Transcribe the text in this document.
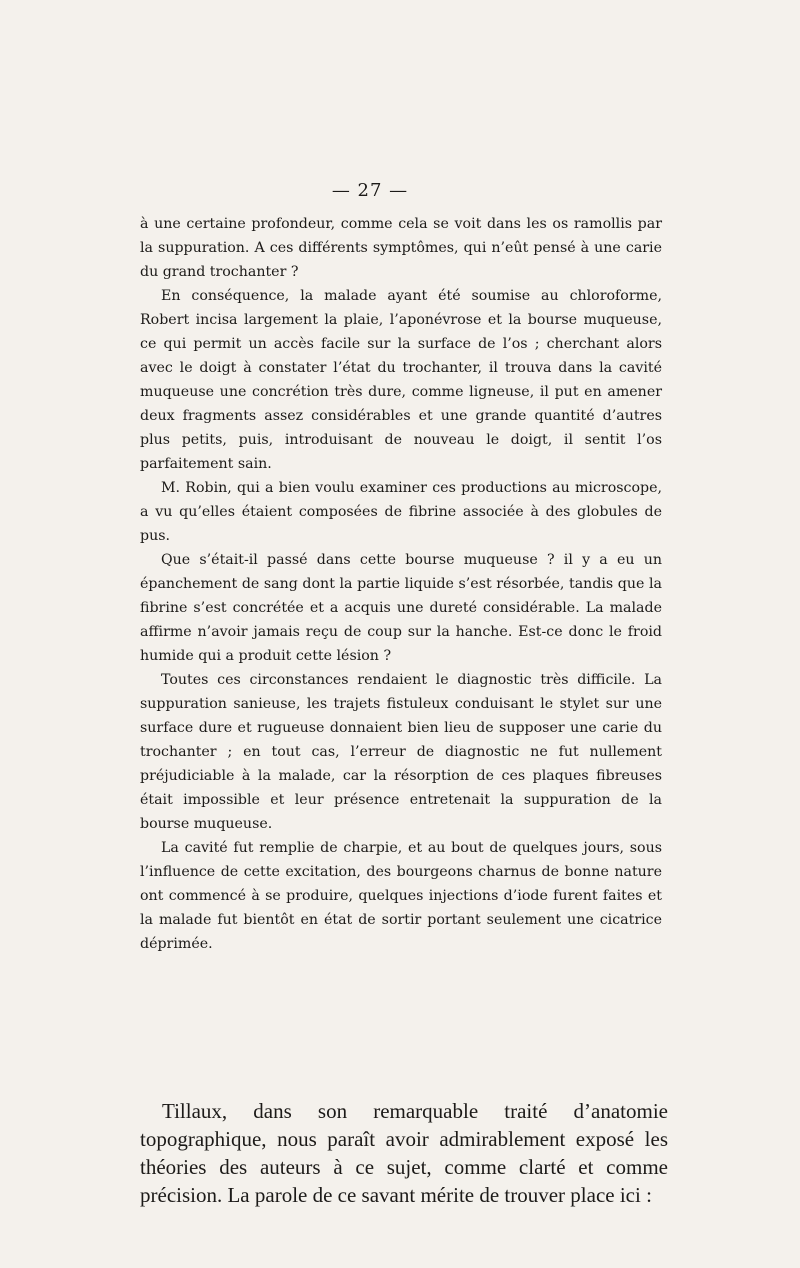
— 27 —

à une certaine profondeur, comme cela se voit dans les os ramollis par la suppuration. A ces différents symptômes, qui n’eût pensé à une carie du grand trochanter ?

En conséquence, la malade ayant été soumise au chloroforme, Robert incisa largement la plaie, l’aponévrose et la bourse muqueuse, ce qui permit un accès facile sur la surface de l’os ; cherchant alors avec le doigt à constater l’état du trochanter, il trouva dans la cavité muqueuse une concrétion très dure, comme ligneuse, il put en amener deux fragments assez considérables et une grande quantité d’autres plus petits, puis, introduisant de nouveau le doigt, il sentit l’os parfaitement sain.

M. Robin, qui a bien voulu examiner ces productions au microscope, a vu qu’elles étaient composées de fibrine associée à des globules de pus.

Que s’était-il passé dans cette bourse muqueuse ? il y a eu un épanchement de sang dont la partie liquide s’est résorbée, tandis que la fibrine s’est concrétée et a acquis une dureté considérable. La malade affirme n’avoir jamais reçu de coup sur la hanche. Est-ce donc le froid humide qui a produit cette lésion ?

Toutes ces circonstances rendaient le diagnostic très difficile. La suppuration sanieuse, les trajets fistuleux conduisant le stylet sur une surface dure et rugueuse donnaient bien lieu de supposer une carie du trochanter ; en tout cas, l’erreur de diagnostic ne fut nullement préjudiciable à la malade, car la résorption de ces plaques fibreuses était impossible et leur présence entretenait la suppuration de la bourse muqueuse.

La cavité fut remplie de charpie, et au bout de quelques jours, sous l’influence de cette excitation, des bourgeons charnus de bonne nature ont commencé à se produire, quelques injections d’iode furent faites et la malade fut bientôt en état de sortir portant seulement une cicatrice déprimée.

Tillaux, dans son remarquable traité d’anatomie topographique, nous paraît avoir admirablement exposé les théories des auteurs à ce sujet, comme clarté et comme précision. La parole de ce savant mérite de trouver place ici :
